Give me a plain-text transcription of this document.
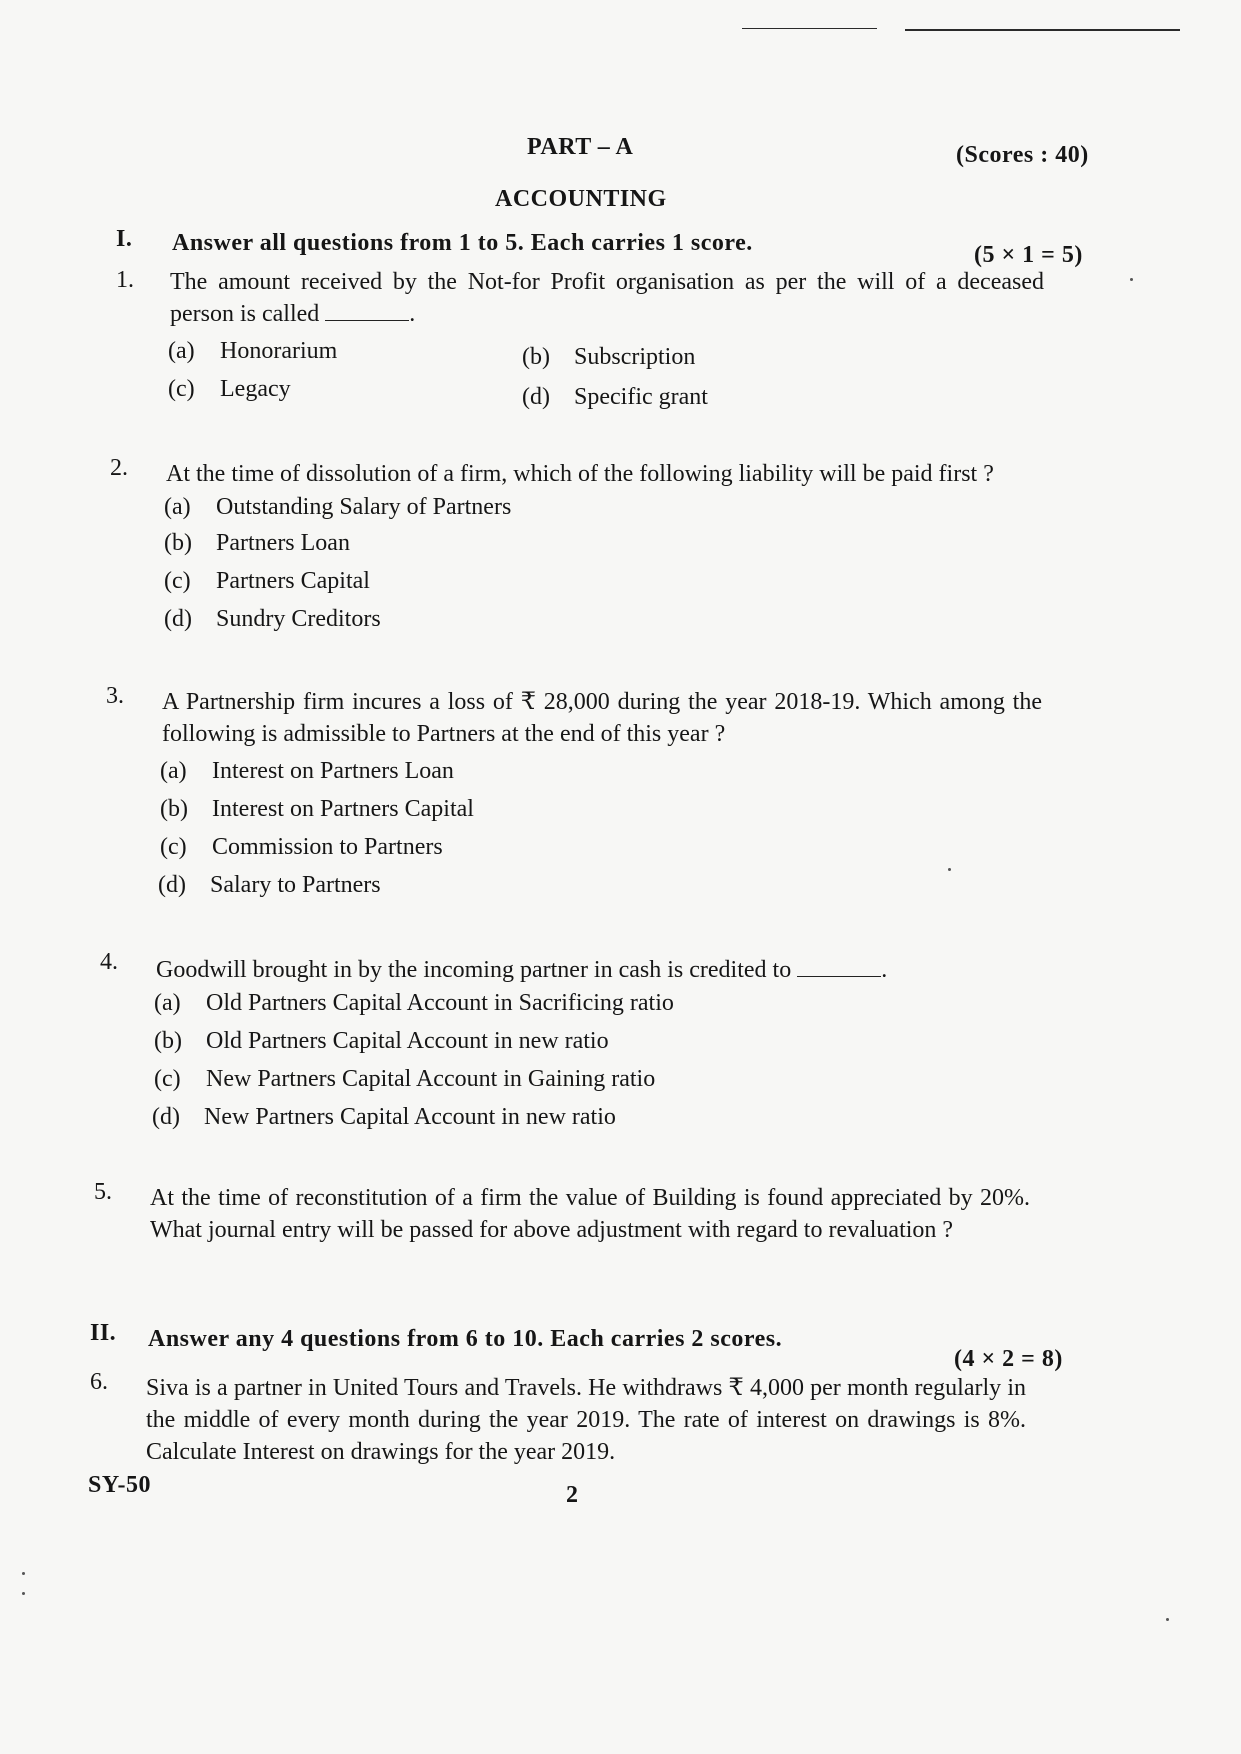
PART – A	(Scores : 40)
ACCOUNTING
I. Answer all questions from 1 to 5. Each carries 1 score.	(5 × 1 = 5)
1. The amount received by the Not-for Profit organisation as per the will of a deceased person is called	.
(a) Honorarium	(b) Subscription
(c) Legacy	(d) Specific grant
2. At the time of dissolution of a firm, which of the following liability will be paid first ?
(a) Outstanding Salary of Partners
(b) Partners Loan
(c) Partners Capital
(d) Sundry Creditors
3. A Partnership firm incures a loss of ₹ 28,000 during the year 2018-19. Which among the following is admissible to Partners at the end of this year ?
(a) Interest on Partners Loan
(b) Interest on Partners Capital
(c) Commission to Partners
(d) Salary to Partners
4. Goodwill brought in by the incoming partner in cash is credited to	.
(a) Old Partners Capital Account in Sacrificing ratio
(b) Old Partners Capital Account in new ratio
(c) New Partners Capital Account in Gaining ratio
(d) New Partners Capital Account in new ratio
5. At the time of reconstitution of a firm the value of Building is found appreciated by 20%. What journal entry will be passed for above adjustment with regard to revaluation ?
II. Answer any 4 questions from 6 to 10. Each carries 2 scores.
(4 × 2 = 8)
6. Siva is a partner in United Tours and Travels. He withdraws ₹ 4,000 per month regularly in the middle of every month during the year 2019. The rate of interest on drawings is 8%. Calculate Interest on drawings for the year 2019.
SY-50	2
